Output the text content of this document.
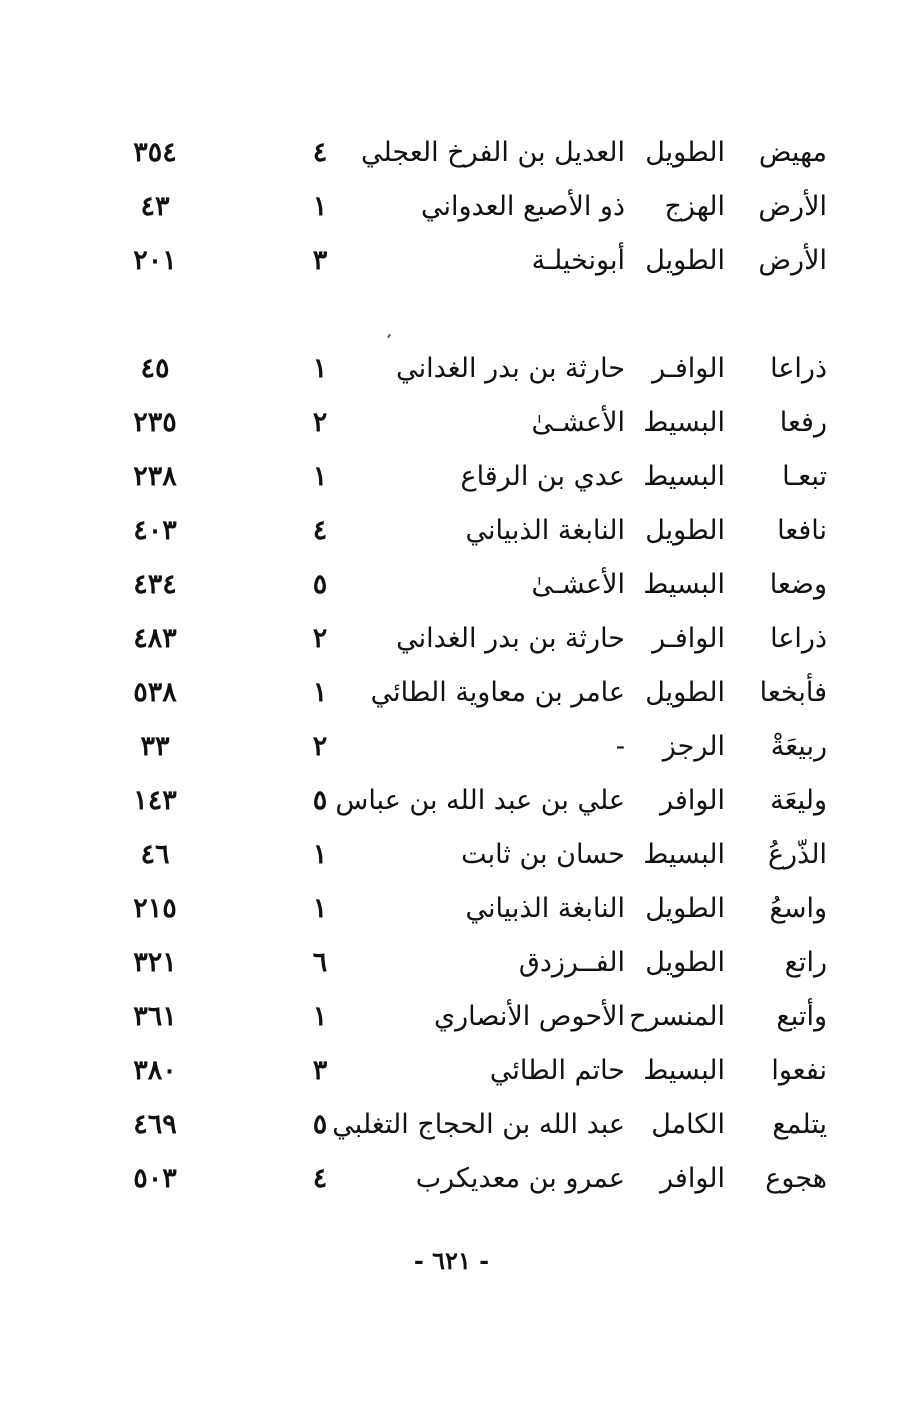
مهيض
الطويل
العديل بن الفرخ العجلي
٤
٣٥٤
الأرض
الهزج
ذو الأصبع العدواني
١
٤٣
الأرض
الطويل
أبونخيلـة
٣
٢٠١
ذراعا
الوافـر
حارثة بن بدر الغداني
١
٤٥
رفعا
البسيط
الأعشـىٰ
٢
٢٣٥
تبعـا
البسيط
عدي بن الرقاع
١
٢٣٨
نافعا
الطويل
النابغة الذبياني
٤
٤٠٣
وضعا
البسيط
الأعشـىٰ
٥
٤٣٤
ذراعا
الوافـر
حارثة بن بدر الغداني
٢
٤٨٣
فأبخعا
الطويل
عامر بن معاوية الطائي
١
٥٣٨
ربيعَةْ
الرجز
-
٢
٣٣
وليعَة
الوافر
علي بن عبد الله بن عباس
٥
١٤٣
الذّرعُ
البسيط
حسان بن ثابت
١
٤٦
واسعُ
الطويل
النابغة الذبياني
١
٢١٥
راتع
الطويل
الفــرزدق
٦
٣٢١
وأتبع
المنسرح
الأحوص الأنصاري
١
٣٦١
نفعوا
البسيط
حاتم الطائي
٣
٣٨٠
يتلمع
الكامل
عبد الله بن الحجاج التغلبي
٥
٤٦٩
هجوع
الوافر
عمرو بن معديكرب
٤
٥٠٣
- ٦٢١ -
